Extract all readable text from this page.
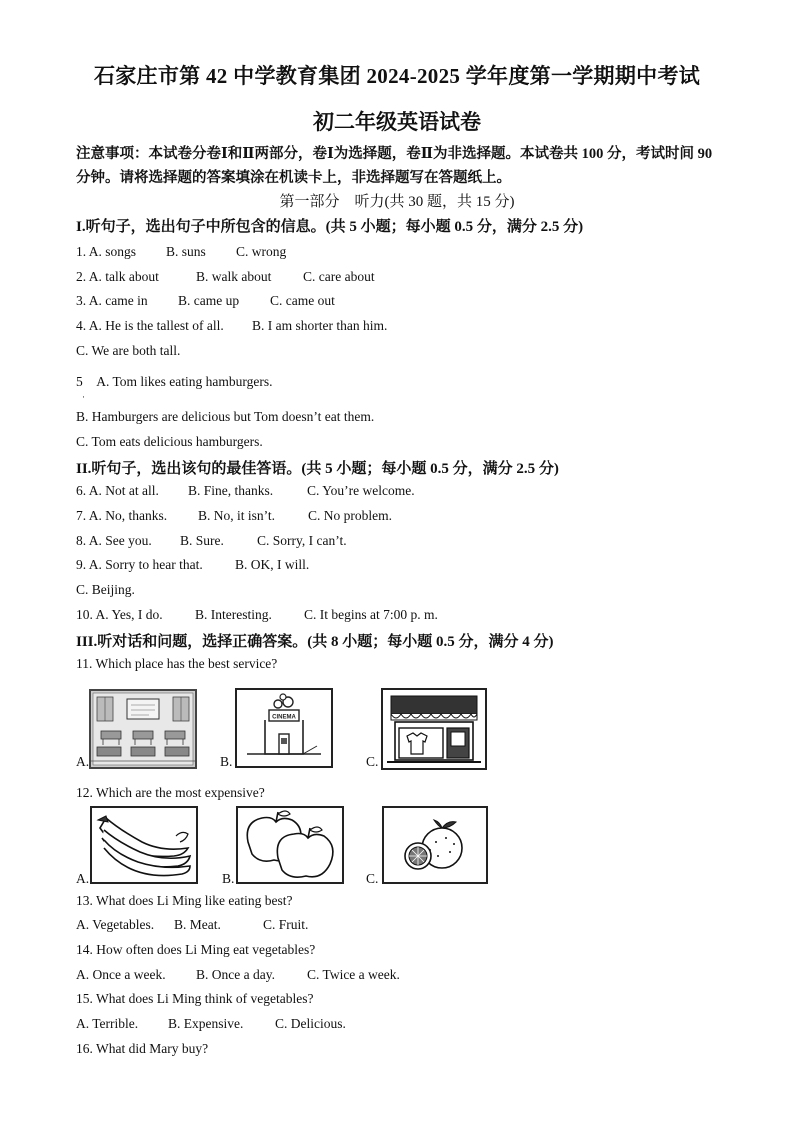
石家庄市第 42 中学教育集团 2024-2025 学年度第一学期期中考试
初二年级英语试卷
注意事项：本试卷分卷Ⅰ和Ⅱ两部分，卷Ⅰ为选择题，卷Ⅱ为非选择题。本试卷共 100 分，考试时间 90 分钟。请将选择题的答案填涂在机读卡上，非选择题写在答题纸上。
第一部分　听力(共 30 题，共 15 分)
I.听句子，选出句子中所包含的信息。(共 5 小题；每小题 0.5 分，满分 2.5 分)
1. A. songs B. suns C. wrong
2. A. talk about	B. walk about C. care about
3. A. came in B. came up C. came out
4. A. He is the tallest of all. B. I am shorter than him.
C. We are both tall.
5　A. Tom likes eating hamburgers.
·
B. Hamburgers are delicious but Tom doesn’t eat them.
C. Tom eats delicious hamburgers.
II.听句子，选出该句的最佳答语。(共 5 小题；每小题 0.5 分，满分 2.5 分)
6. A. Not at all. B. Fine, thanks.	C. You’re welcome.
7. A. No, thanks. B. No, it isn’t. C. No problem.
8. A. See you. B. Sure. C. Sorry, I can’t.
9. A. Sorry to hear that. B. OK, I will.
C. Beijing.
10. A. Yes, I do. B. Interesting. C. It begins at 7:00 p. m.
III.听对话和问题，选择正确答案。(共 8 小题；每小题 0.5 分，满分 4 分)
11. Which place has the best service?
A.
CINEMA
B.	C.
12. Which are the most expensive?
A.	B.	C.
13. What does Li Ming like eating best?
A. Vegetables. B. Meat.	C. Fruit.
14. How often does Li Ming eat vegetables?
A. Once a week. B. Once a day. C. Twice a week.
15. What does Li Ming think of vegetables?
A. Terrible. B. Expensive. C. Delicious.
16. What did Mary buy?
